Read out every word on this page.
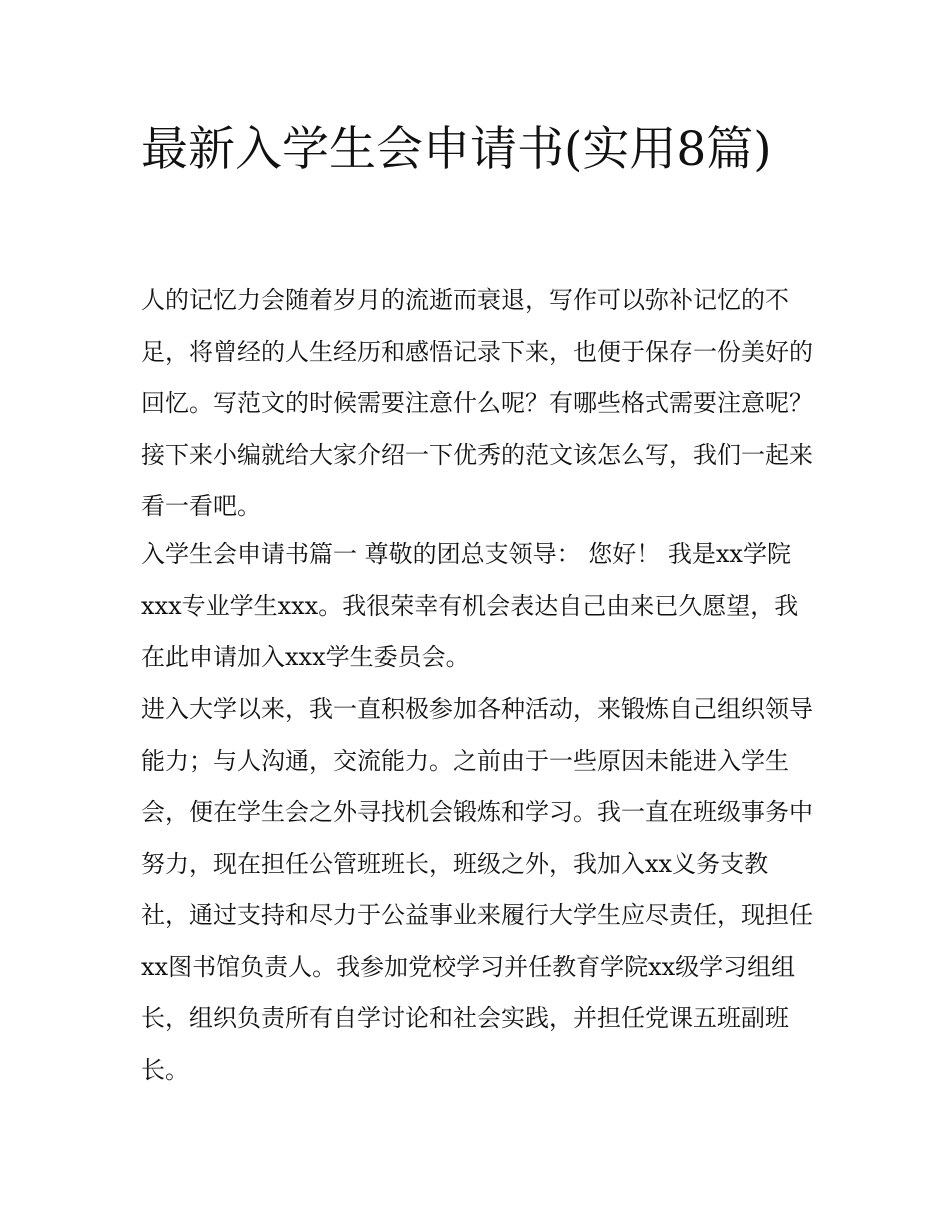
最新入学生会申请书(实用8篇)

人的记忆力会随着岁月的流逝而衰退，写作可以弥补记忆的不足，将曾经的人生经历和感悟记录下来，也便于保存一份美好的回忆。写范文的时候需要注意什么呢？有哪些格式需要注意呢？接下来小编就给大家介绍一下优秀的范文该怎么写，我们一起来看一看吧。

入学生会申请书篇一 尊敬的团总支领导： 您好！ 我是xx学院xxx专业学生xxx。我很荣幸有机会表达自己由来已久愿望，我在此申请加入xxx学生委员会。

进入大学以来，我一直积极参加各种活动，来锻炼自己组织领导能力；与人沟通，交流能力。之前由于一些原因未能进入学生会，便在学生会之外寻找机会锻炼和学习。我一直在班级事务中努力，现在担任公管班班长，班级之外，我加入xx义务支教社，通过支持和尽力于公益事业来履行大学生应尽责任，现担任xx图书馆负责人。我参加党校学习并任教育学院xx级学习组组长，组织负责所有自学讨论和社会实践，并担任党课五班副班长。
